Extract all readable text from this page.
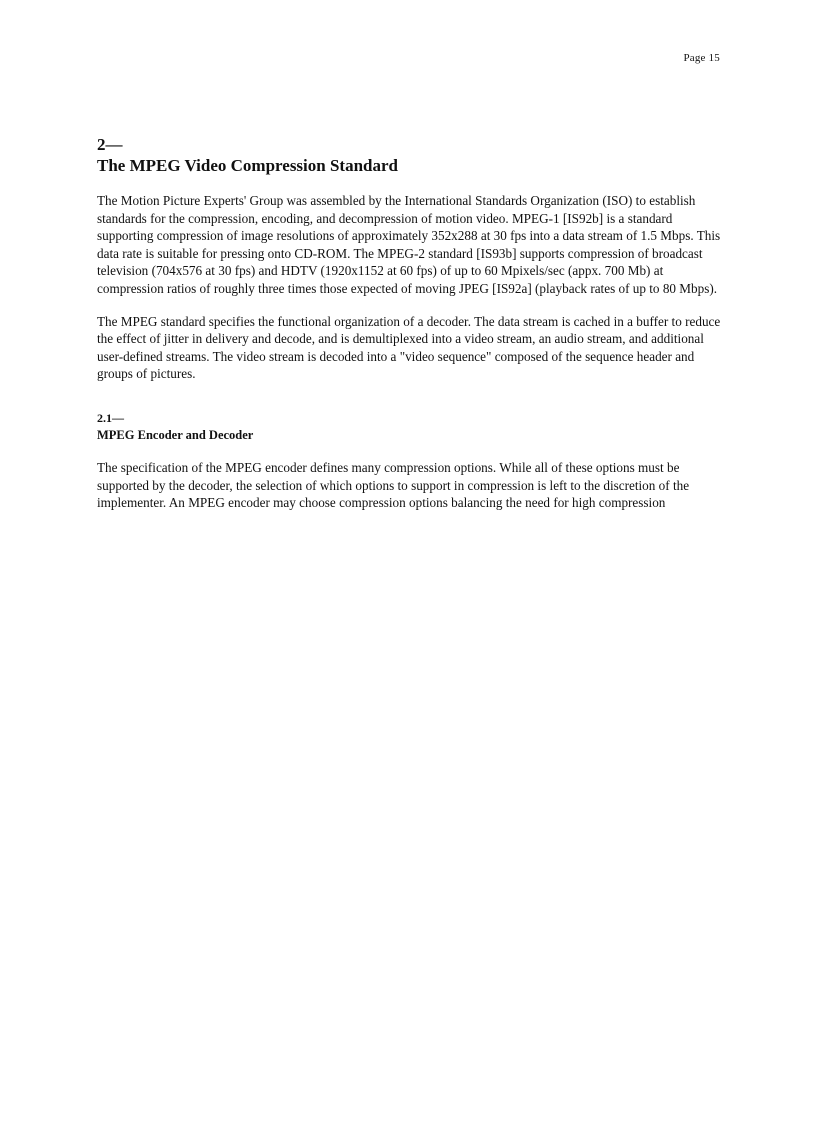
Page 15
2—
The MPEG Video Compression Standard

The Motion Picture Experts' Group was assembled by the International Standards Organization (ISO) to establish standards for the compression, encoding, and decompression of motion video. MPEG-1 [IS92b] is a standard supporting compression of image resolutions of approximately 352x288 at 30 fps into a data stream of 1.5 Mbps. This data rate is suitable for pressing onto CD-ROM. The MPEG-2 standard [IS93b] supports compression of broadcast television (704x576 at 30 fps) and HDTV (1920x1152 at 60 fps) of up to 60 Mpixels/sec (appx. 700 Mb) at compression ratios of roughly three times those expected of moving JPEG [IS92a] (playback rates of up to 80 Mbps).

The MPEG standard specifies the functional organization of a decoder. The data stream is cached in a buffer to reduce the effect of jitter in delivery and decode, and is demultiplexed into a video stream, an audio stream, and additional user-defined streams. The video stream is decoded into a "video sequence" composed of the sequence header and groups of pictures.

2.1—
MPEG Encoder and Decoder

The specification of the MPEG encoder defines many compression options. While all of these options must be supported by the decoder, the selection of which options to support in compression is left to the discretion of the implementer. An MPEG encoder may choose compression options balancing the need for high compression
